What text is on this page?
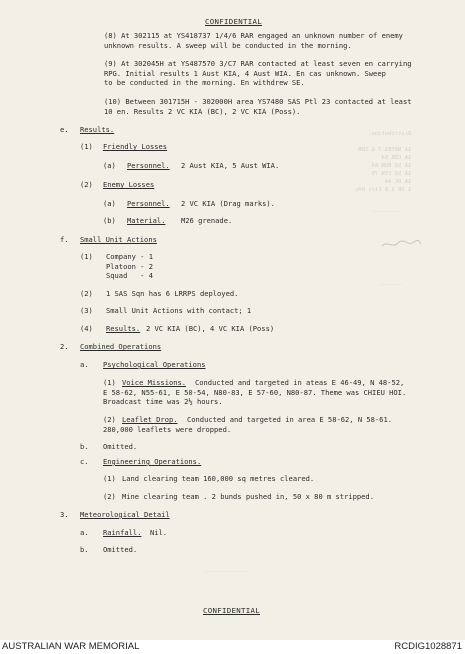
CONFIDENTIAL
Distribution:

1A NOTES 7 & CDR
1A CDR 54
1A SO RUN 64
1A SO CYN 75
1A OC 44
1 OR 1 8 Ctrl Ofc
________
______
(8) At 302115 at YS418737 1/4/6 RAR engaged an unknown number of enemy
unknown results. A sweep will be conducted in the morning.
(9) At 302045H at YS487570 3/C7 RAR contacted at least seven en carrying
RPG. Initial results 1 Aust KIA, 4 Aust WIA. En cas unknown. Sweep
to be conducted in the morning. En withdrew SE.
(10) Between 301715H - 302000H area YS7480 SAS Ptl 23 contacted at least
10 en. Results 2 VC KIA (BC), 2 VC KIA (Poss).
e. Results.
(1) Friendly Losses
(a) Personnel. 2 Aust KIA, 5 Aust WIA.
(2) Enemy Losses
(a) Personnel. 2 VC KIA (Drag marks).
(b) Material. M26 grenade.
f. Small Unit Actions
(1) Company - 1
Platoon - 2
Squad   - 4
(2) 1 SAS Sqn has 6 LRRPS deployed.
(3) Small Unit Actions with contact; 1
(4) Results. 2 VC KIA (BC), 4 VC KIA (Poss)
2. Combined Operations
a. Psychological Operations
(1) Voice Missions. Conducted and targeted in ateas E 46-49, N 48-52,
E 58-62, N55-61, E 50-54, N80-83, E 57-60, N80-87. Theme was CHIEU HOI.
Broadcast time was 2½ hours.
(2) Leaflet Drop. Conducted and targeted in area E 58-62, N 58-61.
280,000 leaflets were dropped.
b. Omitted.
c. Engineering Operations.
(1) Land clearing team 160,000 sq metres cleared.
(2) Mine clearing team . 2 bunds pushed in, 50 x 80 m stripped.
3. Meteorological Detail
a. Rainfall. Nil.
b. Omitted.
____________
CONFIDENTIAL
AUSTRALIAN WAR MEMORIAL	RCDIG1028871
